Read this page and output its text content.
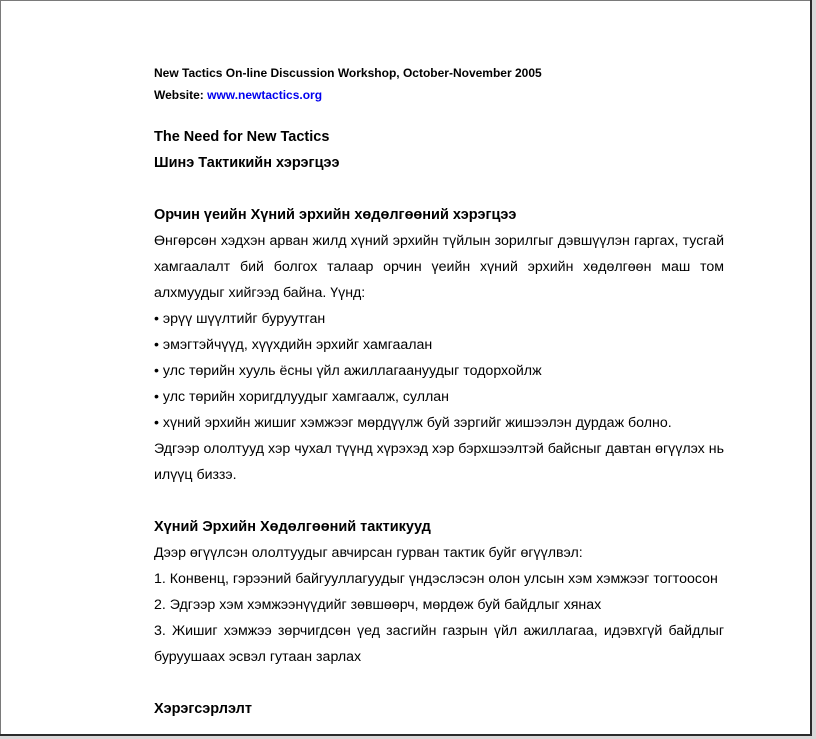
New Tactics On-line Discussion Workshop, October-November 2005
Website: www.newtactics.org
The Need for New Tactics
Шинэ Тактикийн хэрэгцээ
Орчин үеийн Хүний эрхийн хөдөлгөөний хэрэгцээ
Өнгөрсөн хэдхэн арван жилд хүний эрхийн түйлын зорилгыг дэвшүүлэн гаргах, тусгай хамгаалалт бий болгох талаар орчин үеийн хүний эрхийн хөдөлгөөн маш том алхмуудыг хийгээд байна. Үүнд:
• эрүү шүүлтийг буруутган
• эмэгтэйчүүд, хүүхдийн эрхийг хамгаалан
• улс төрийн хууль ёсны үйл ажиллагаануудыг тодорхойлж
• улс төрийн хоригдлуудыг хамгаалж, суллан
• хүний эрхийн жишиг хэмжээг мөрдүүлж буй зэргийг жишээлэн дурдаж болно.
Эдгээр ололтууд хэр чухал түүнд хүрэхэд хэр бэрхшээлтэй байсныг давтан өгүүлэх нь илүүц биззэ.
Хүний Эрхийн Хөдөлгөөний тактикууд
Дээр өгүүлсэн ололтуудыг авчирсан гурван тактик буйг өгүүлвэл:
1. Конвенц, гэрээний байгууллагуудыг үндэслэсэн олон улсын хэм хэмжээг тогтоосон
2. Эдгээр хэм хэмжээнүүдийг зөвшөөрч, мөрдөж буй байдлыг хянах
3. Жишиг хэмжээ зөрчигдсөн үед засгийн газрын үйл ажиллагаа, идэвхгүй байдлыг буруушаах эсвэл гутаан зарлах
Хэрэгсэрлэлт
